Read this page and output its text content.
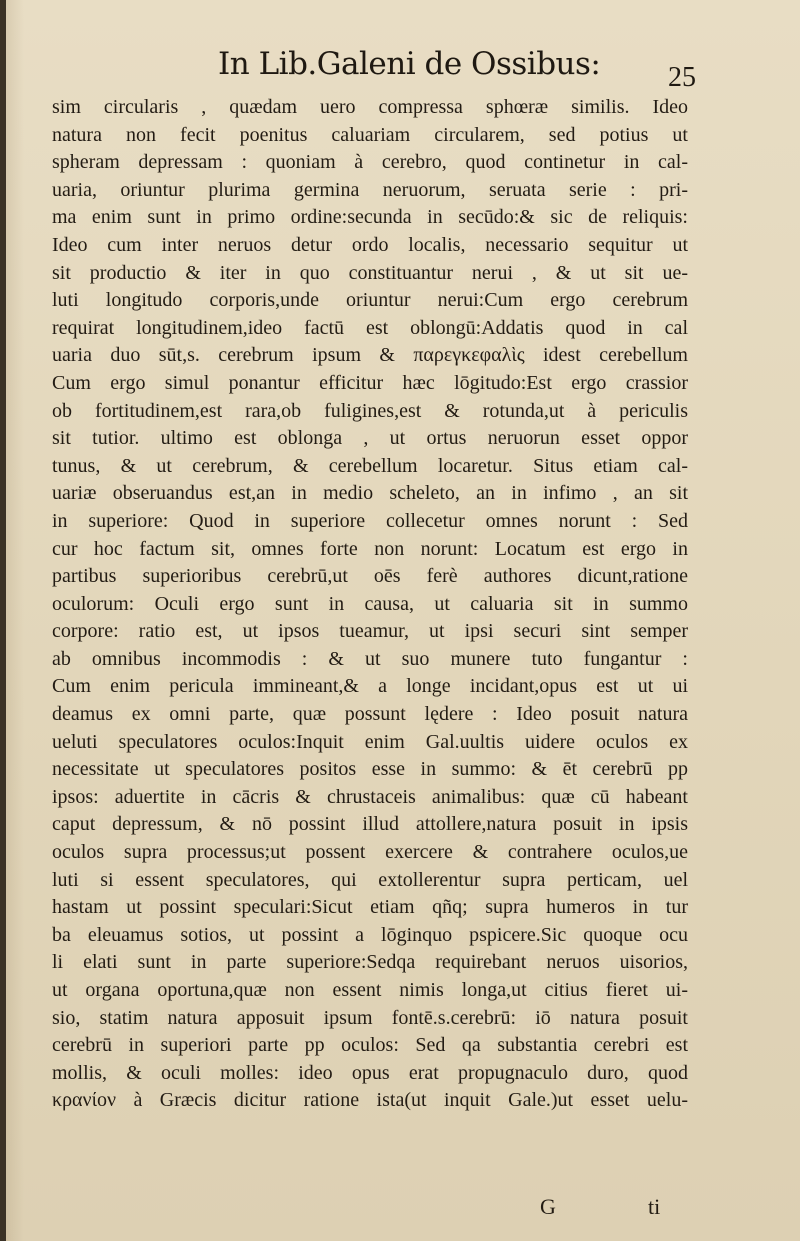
In Lib.Galeni de Ossibus: 25
sim circularis , quædam uero compressa sphœræ similis. Ideo
natura non fecit poenitus caluariam circularem, sed potius ut
spheram depressam : quoniam à cerebro, quod continetur in cal-
uaria, oriuntur plurima germina neruorum, seruata serie : pri-
ma enim sunt in primo ordine:secunda in secūdo:& sic de reliquis:
Ideo cum inter neruos detur ordo localis, necessario sequitur ut
sit productio & iter in quo constituantur nerui , & ut sit ue-
luti longitudo corporis,unde oriuntur nerui:Cum ergo cerebrum
requirat longitudinem,ideo factū est oblongū:Addatis quod in cal
uaria duo sūt,s. cerebrum ipsum & παρεγκεφαλὶς idest cerebellum
Cum ergo simul ponantur efficitur hæc lōgitudo:Est ergo crassior
ob fortitudinem,est rara,ob fuligines,est & rotunda,ut à periculis
sit tutior. ultimo est oblonga , ut ortus neruorun esset oppor
tunus, & ut cerebrum, & cerebellum locaretur. Situs etiam cal-
uariæ obseruandus est,an in medio scheleto, an in infimo , an sit
in superiore: Quod in superiore collecetur omnes norunt : Sed
cur hoc factum sit, omnes forte non norunt: Locatum est ergo in
partibus superioribus cerebrū,ut oēs ferè authores dicunt,ratione
oculorum: Oculi ergo sunt in causa, ut caluaria sit in summo
corpore: ratio est, ut ipsos tueamur, ut ipsi securi sint semper
ab omnibus incommodis : & ut suo munere tuto fungantur :
Cum enim pericula immineant,& a longe incidant,opus est ut ui
deamus ex omni parte, quæ possunt lędere : Ideo posuit natura
ueluti speculatores oculos:Inquit enim Gal.uultis uidere oculos ex
necessitate ut speculatores positos esse in summo: & ēt cerebrū pp
ipsos: aduertite in cācris & chrustaceis animalibus: quæ cū habeant
caput depressum, & nō possint illud attollere,natura posuit in ipsis
oculos supra processus;ut possent exercere & contrahere oculos,ue
luti si essent speculatores, qui extollerentur supra perticam, uel
hastam ut possint speculari:Sicut etiam qñq; supra humeros in tur
ba eleuamus sotios, ut possint a lōginquo pspicere.Sic quoque ocu
li elati sunt in parte superiore:Sedqa requirebant neruos uisorios,
ut organa oportuna,quæ non essent nimis longa,ut citius fieret ui-
sio, statim natura apposuit ipsum fontē.s.cerebrū: iō natura posuit
cerebrū in superiori parte pp oculos: Sed qa substantia cerebri est
mollis, & oculi molles: ideo opus erat propugnaculo duro, quod
κρανίον à Græcis dicitur ratione ista(ut inquit Gale.)ut esset uelu-
G	ti
